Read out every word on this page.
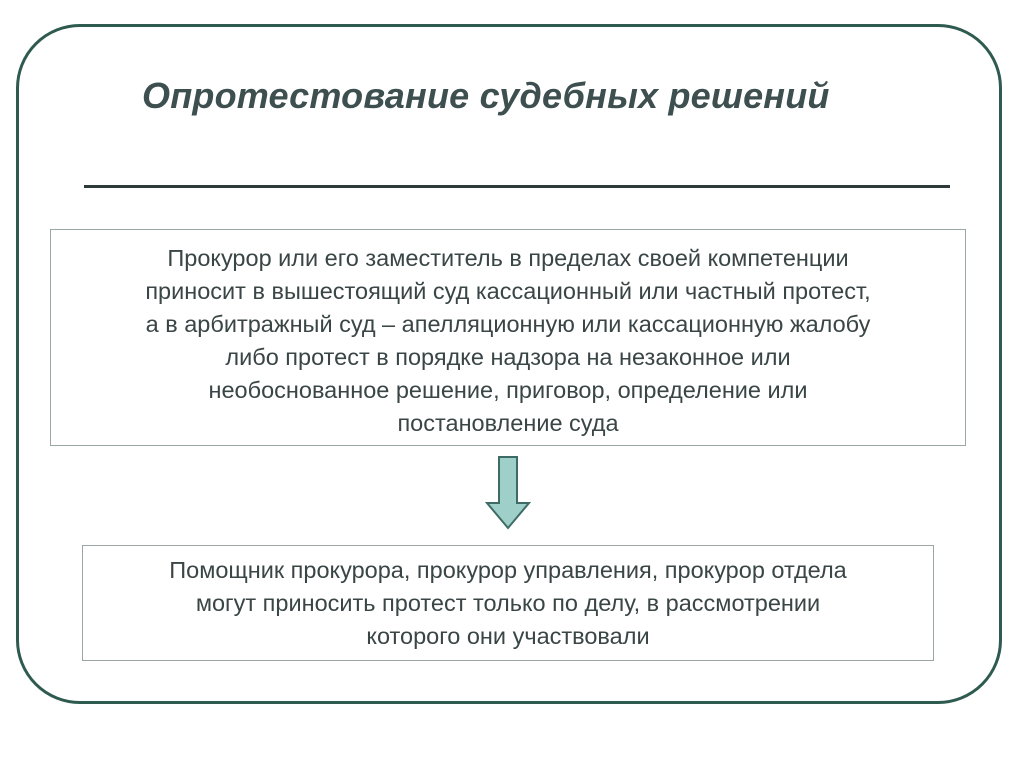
Опротестование судебных решений
Прокурор или его заместитель в пределах своей компетенции
приносит в вышестоящий суд кассационный или частный протест,
а в арбитражный суд – апелляционную или кассационную жалобу
либо протест в порядке надзора на незаконное или
необоснованное решение, приговор, определение или
постановление суда
Помощник прокурора, прокурор управления, прокурор отдела
могут приносить протест только по делу, в рассмотрении
которого они участвовали
